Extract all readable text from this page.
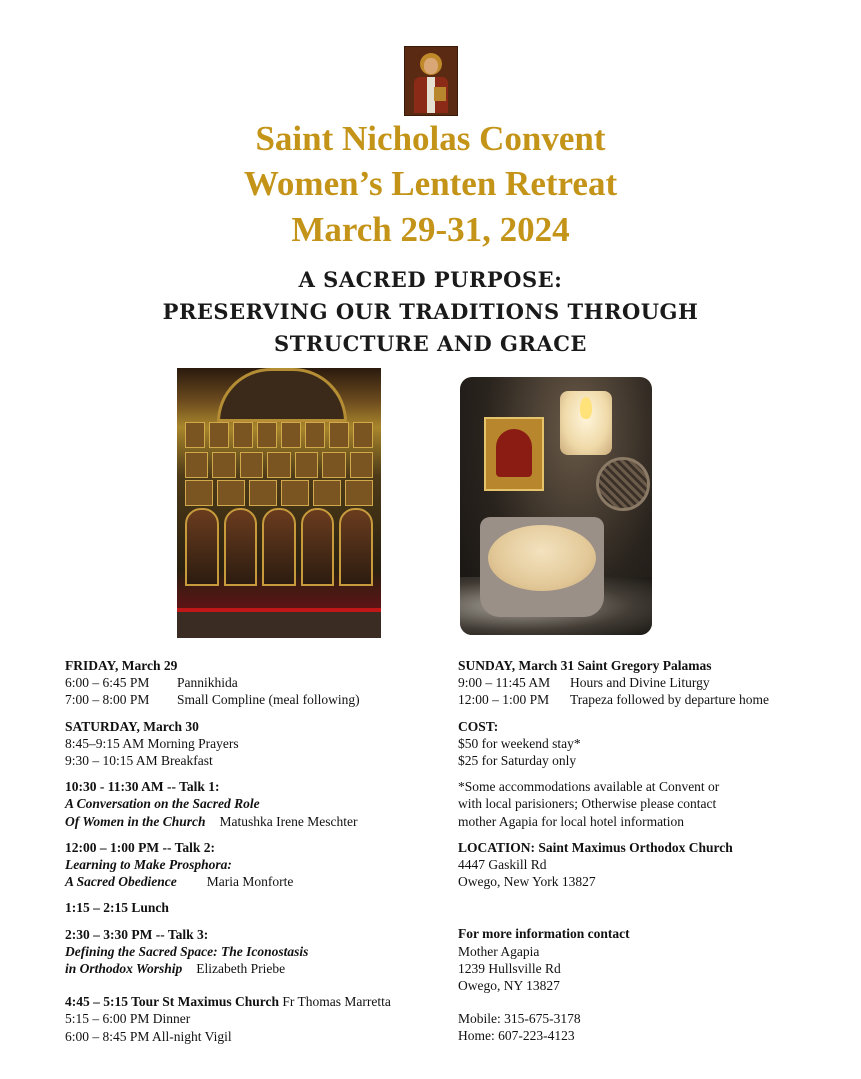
Saint Nicholas Convent
Women’s Lenten Retreat
March 29-31, 2024
A SACRED PURPOSE:
PRESERVING OUR TRADITIONS THROUGH
STRUCTURE AND GRACE

FRIDAY, March 29

6:00 – 6:45 PM Pannikhida

7:00 – 8:00 PM Small Compline (meal following)

SATURDAY, March 30

8:45–9:15 AM Morning Prayers

9:30 – 10:15 AM Breakfast

10:30 - 11:30 AM -- Talk 1:

A Conversation on the Sacred Role

Of Women in the Church Matushka Irene Meschter

12:00 – 1:00 PM -- Talk 2:

Learning to Make Prosphora:

A Sacred Obedience Maria Monforte

1:15 – 2:15 Lunch

2:30 – 3:30 PM -- Talk 3:

Defining the Sacred Space: The Iconostasis

in Orthodox Worship Elizabeth Priebe

4:45 – 5:15 Tour St Maximus Church Fr Thomas Marretta

5:15 – 6:00 PM Dinner

6:00 – 8:45 PM All-night Vigil

SUNDAY, March 31 Saint Gregory Palamas

9:00 – 11:45 AM Hours and Divine Liturgy

12:00 – 1:00 PM Trapeza followed by departure home

COST:

$50 for weekend stay*

$25 for Saturday only

*Some accommodations available at Convent or

with local parisioners; Otherwise please contact

mother Agapia for local hotel information

LOCATION: Saint Maximus Orthodox Church

4447 Gaskill Rd

Owego, New York 13827

For more information contact

Mother Agapia

1239 Hullsville Rd

Owego, NY 13827

Mobile: 315-675-3178

Home: 607-223-4123
